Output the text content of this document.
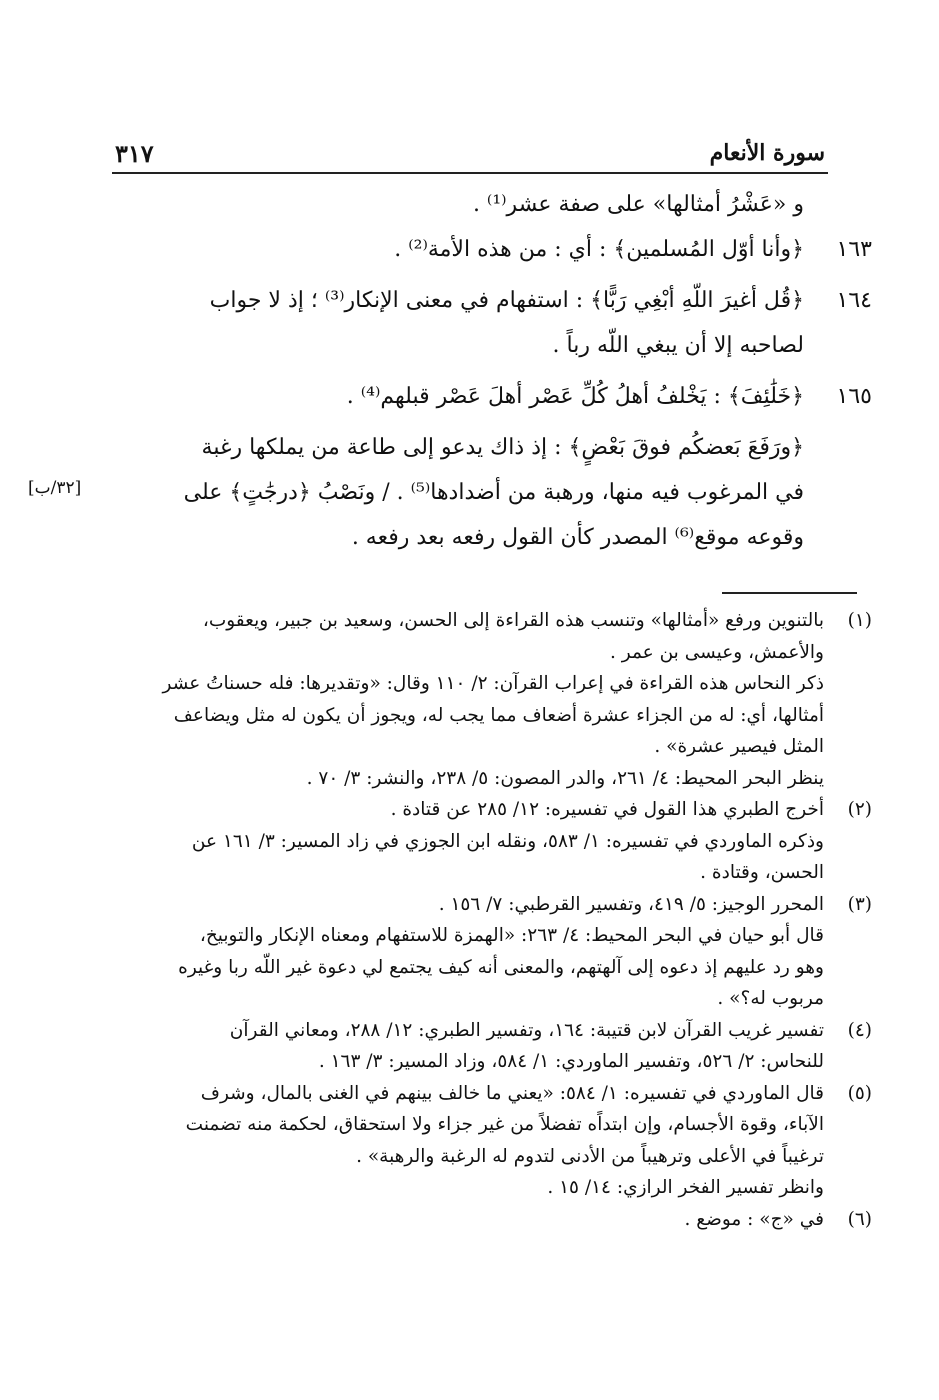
٣١٧	سورة الأنعام
و «عَشْرُ أمثالها» على صفة عشر⁽¹⁾ .
١٦٣
﴿وأنا أوّل المُسلمين﴾ : أي : من هذه الأمة⁽²⁾ .
١٦٤
﴿قُل أغيرَ اللّهِ أبْغِي رَبًّا﴾ : استفهام في معنى الإنكار⁽³⁾ ؛ إذ لا جواب
لصاحبه إلا أن يبغي اللّه رباً .
١٦٥
﴿خَلَٰئِفَ﴾ : يَخْلفُ أهلُ كُلِّ عَصْر أهلَ عَصْر قبلهم⁽⁴⁾ .
﴿ورَفَعَ بَعضكُم فوقَ بَعْضٍ﴾ : إذ ذاك يدعو إلى طاعة من يملكها رغبة
في المرغوب فيه منها، ورهبة من أضدادها⁽⁵⁾ . / ونَصْبُ ﴿درجَٰتٍ﴾ على
وقوعه موقع⁽⁶⁾ المصدر كأن القول رفعه بعد رفعه .
[٣٢/ب]
(١)
بالتنوين ورفع «أمثالها» وتنسب هذه القراءة إلى الحسن، وسعيد بن جبير، ويعقوب،
والأعمش، وعيسى بن عمر .
ذكر النحاس هذه القراءة في إعراب القرآن: ٢/ ١١٠ وقال: «وتقديرها: فله حسناتُ عشر
أمثالها، أي: له من الجزاء عشرة أضعاف مما يجب له، ويجوز أن يكون له مثل ويضاعف
المثل فيصير عشرة» .
ينظر البحر المحيط: ٤/ ٢٦١، والدر المصون: ٥/ ٢٣٨، والنشر: ٣/ ٧٠ .
(٢)
أخرج الطبري هذا القول في تفسيره: ١٢/ ٢٨٥ عن قتادة .
وذكره الماوردي في تفسيره: ١/ ٥٨٣، ونقله ابن الجوزي في زاد المسير: ٣/ ١٦١ عن
الحسن، وقتادة .
(٣)
المحرر الوجيز: ٥/ ٤١٩، وتفسير القرطبي: ٧/ ١٥٦ .
قال أبو حيان في البحر المحيط: ٤/ ٢٦٣: «الهمزة للاستفهام ومعناه الإنكار والتوبيخ،
وهو رد عليهم إذ دعوه إلى آلهتهم، والمعنى أنه كيف يجتمع لي دعوة غير اللّه ربا وغيره
مربوب له؟» .
(٤)
تفسير غريب القرآن لابن قتيبة: ١٦٤، وتفسير الطبري: ١٢/ ٢٨٨، ومعاني القرآن
للنحاس: ٢/ ٥٢٦، وتفسير الماوردي: ١/ ٥٨٤، وزاد المسير: ٣/ ١٦٣ .
(٥)
قال الماوردي في تفسيره: ١/ ٥٨٤: «يعني ما خالف بينهم في الغنى بالمال، وشرف
الآباء، وقوة الأجسام، وإن ابتداًه تفضلاً من غير جزاء ولا استحقاق، لحكمة منه تضمنت
ترغيباً في الأعلى وترهيباً من الأدنى لتدوم له الرغبة والرهبة» .
وانظر تفسير الفخر الرازي: ١٤/ ١٥ .
(٦)
في «ج» : موضع .
